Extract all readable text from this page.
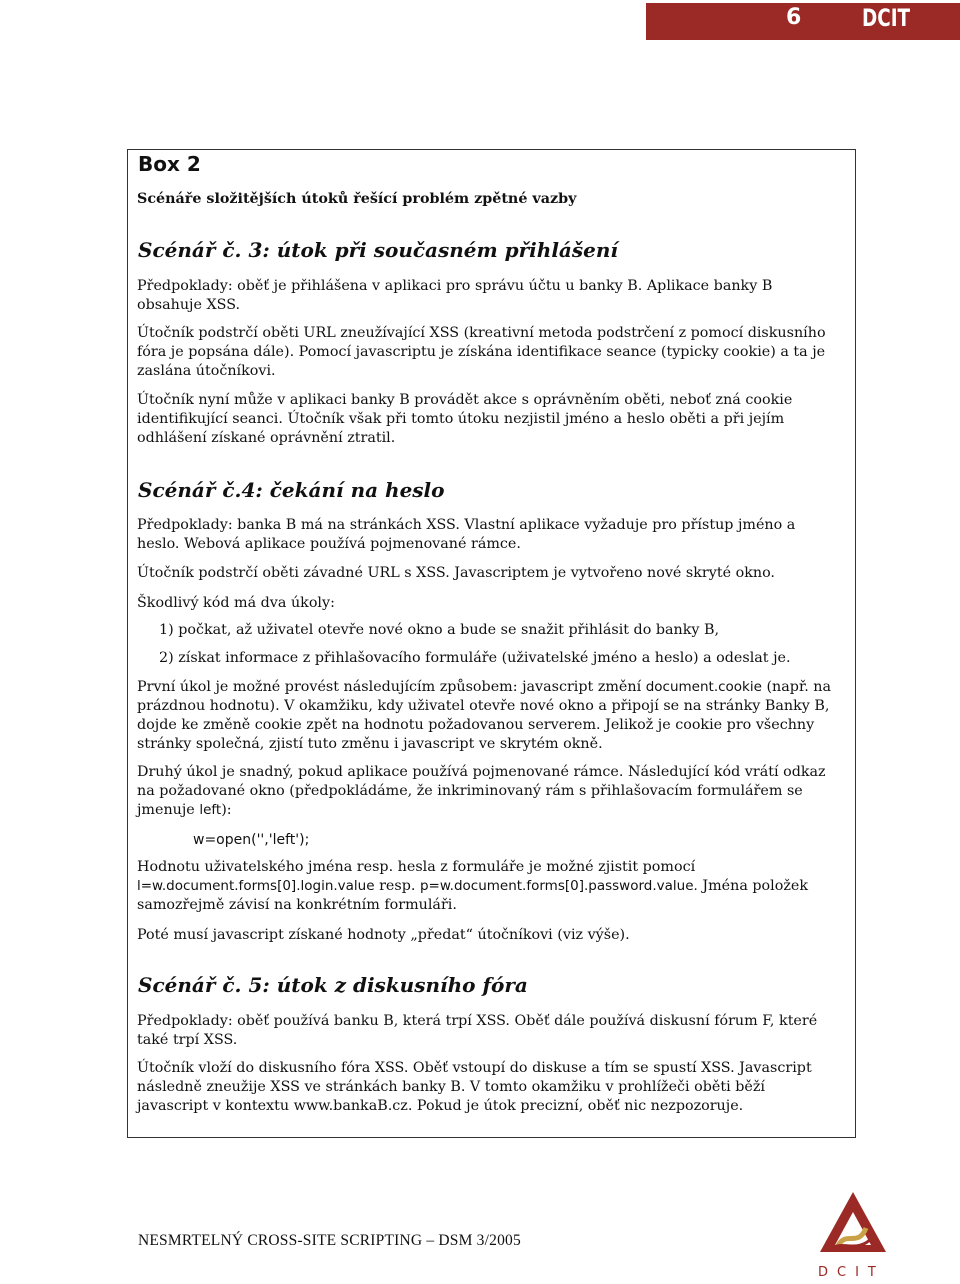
6 DCIT
Box 2

Scénáře složitějších útoků řešící problém zpětné vazby

Scénář č. 3: útok při současném přihlášení

Předpoklady: oběť je přihlášena v aplikaci pro správu účtu u banky B. Aplikace banky B obsahuje XSS.

Útočník podstrčí oběti URL zneužívající XSS (kreativní metoda podstrčení z pomocí diskusního fóra je popsána dále). Pomocí javascriptu je získána identifikace seance (typicky cookie) a ta je zaslána útočníkovi.

Útočník nyní může v aplikaci banky B provádět akce s oprávněním oběti, neboť zná cookie identifikující seanci. Útočník však při tomto útoku nezjistil jméno a heslo oběti a při jejím odhlášení získané oprávnění ztratil.

Scénář č.4: čekání na heslo

Předpoklady: banka B má na stránkách XSS. Vlastní aplikace vyžaduje pro přístup jméno a heslo. Webová aplikace používá pojmenované rámce.

Útočník podstrčí oběti závadné URL s XSS. Javascriptem je vytvořeno nové skryté okno.

Škodlivý kód má dva úkoly:

1) počkat, až uživatel otevře nové okno a bude se snažit přihlásit do banky B,

2) získat informace z přihlašovacího formuláře (uživatelské jméno a heslo) a odeslat je.

První úkol je možné provést následujícím způsobem: javascript změní document.cookie (např. na prázdnou hodnotu). V okamžiku, kdy uživatel otevře nové okno a připojí se na stránky Banky B, dojde ke změně cookie zpět na hodnotu požadovanou serverem. Jelikož je cookie pro všechny stránky společná, zjistí tuto změnu i javascript ve skrytém okně.

Druhý úkol je snadný, pokud aplikace používá pojmenované rámce. Následující kód vrátí odkaz na požadované okno (předpokládáme, že inkriminovaný rám s přihlašovacím formulářem se jmenuje left):

w=open('','left');

Hodnotu uživatelského jména resp. hesla z formuláře je možné zjistit pomocí l=w.document.forms[0].login.value resp. p=w.document.forms[0].password.value. Jména položek samozřejmě závisí na konkrétním formuláři.

Poté musí javascript získané hodnoty „předat“ útočníkovi (viz výše).

Scénář č. 5: útok z diskusního fóra

Předpoklady: oběť používá banku B, která trpí XSS. Oběť dále používá diskusní fórum F, které také trpí XSS.

Útočník vloží do diskusního fóra XSS. Oběť vstoupí do diskuse a tím se spustí XSS. Javascript následně zneužije XSS ve stránkách banky B. V tomto okamžiku v prohlížeči oběti běží javascript v kontextu www.bankaB.cz. Pokud je útok precizní, oběť nic nezpozoruje.

NESMRTELNÝ CROSS-SITE SCRIPTING – DSM 3/2005
DCIT
